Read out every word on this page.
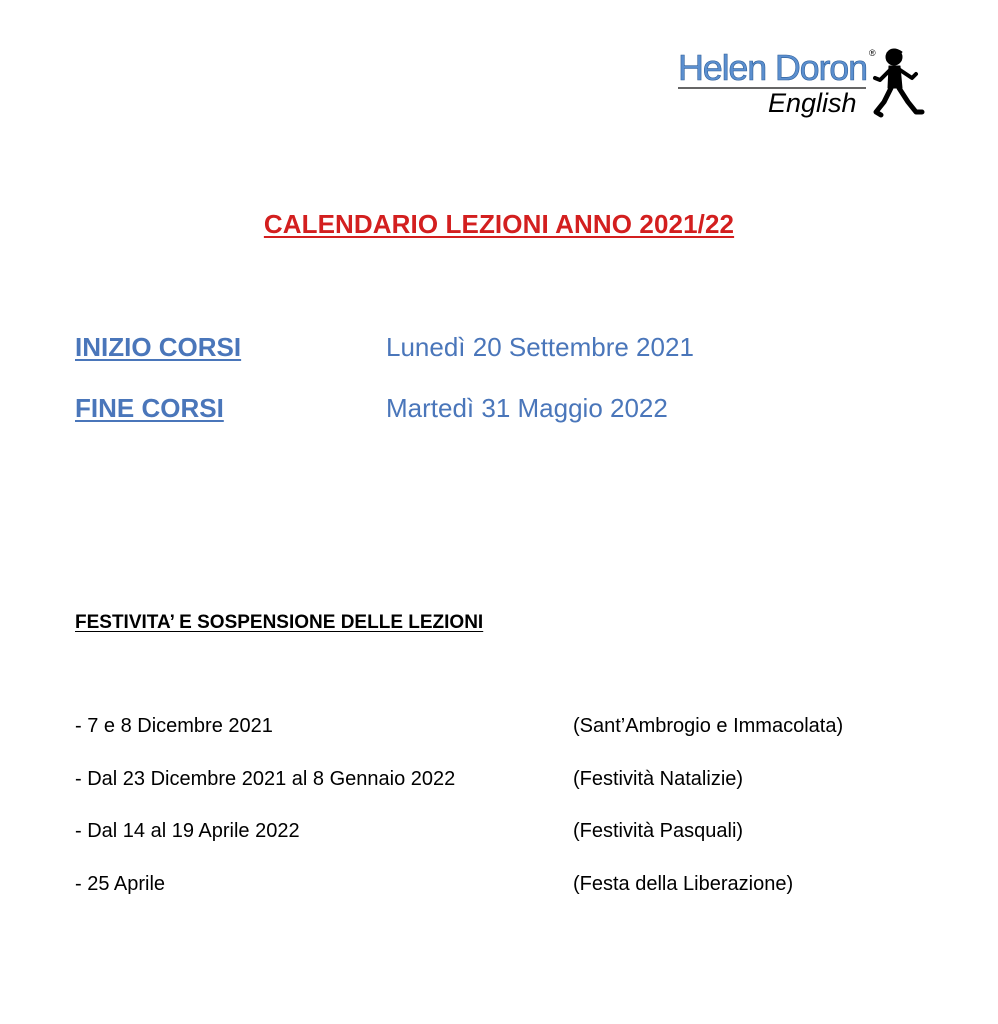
Helen Doron ®
English
CALENDARIO LEZIONI ANNO 2021/22
INIZIO CORSI	Lunedì 20 Settembre 2021
FINE CORSI	Martedì 31 Maggio 2022
FESTIVITA’ E SOSPENSIONE DELLE LEZIONI
- 7 e 8 Dicembre 2021	(Sant’Ambrogio e Immacolata)
- Dal 23 Dicembre 2021 al 8 Gennaio 2022	(Festività Natalizie)
- Dal 14 al 19 Aprile 2022	(Festività Pasquali)
- 25 Aprile	(Festa della Liberazione)
